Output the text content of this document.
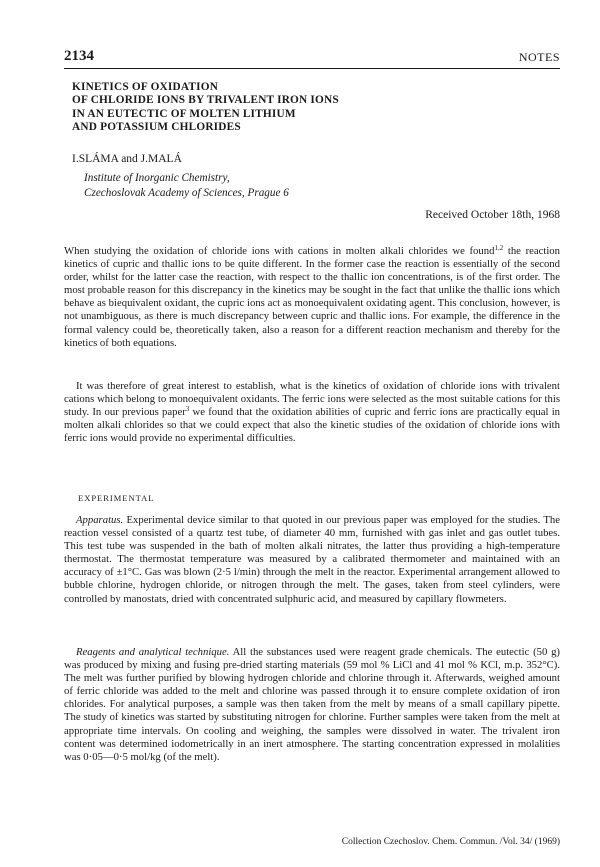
2134	NOTES
KINETICS OF OXIDATION
OF CHLORIDE IONS BY TRIVALENT IRON IONS
IN AN EUTECTIC OF MOLTEN LITHIUM
AND POTASSIUM CHLORIDES
I.SLÁMA and J.MALÁ
Institute of Inorganic Chemistry,
Czechoslovak Academy of Sciences, Prague 6
Received October 18th, 1968

When studying the oxidation of chloride ions with cations in molten alkali chlorides we found$^{1,2}$ the reaction kinetics of cupric and thallic ions to be quite different. In the former case the reaction is essentially of the second order, whilst for the latter case the reaction, with respect to the thallic ion concentrations, is of the first order. The most probable reason for this discrepancy in the kinetics may be sought in the fact that unlike the thallic ions which behave as biequivalent oxidant, the cupric ions act as monoequivalent oxidating agent. This conclusion, however, is not unambiguous, as there is much discrepancy between cupric and thallic ions. For example, the difference in the formal valency could be, theoretically taken, also a reason for a different reaction mechanism and thereby for the kinetics of both equations.

It was therefore of great interest to establish, what is the kinetics of oxidation of chloride ions with trivalent cations which belong to monoequivalent oxidants. The ferric ions were selected as the most suitable cations for this study. In our previous paper$^3$ we found that the oxidation abilities of cupric and ferric ions are practically equal in molten alkali chlorides so that we could expect that also the kinetic studies of the oxidation of chloride ions with ferric ions would provide no experimental difficulties.

EXPERIMENTAL

Apparatus. Experimental device similar to that quoted in our previous paper was employed for the studies. The reaction vessel consisted of a quartz test tube, of diameter 40 mm, furnished with gas inlet and gas outlet tubes. This test tube was suspended in the bath of molten alkali nitrates, the latter thus providing a high-temperature thermostat. The thermostat temperature was measured by a calibrated thermometer and maintained with an accuracy of ±1°C. Gas was blown (2·5 l/min) through the melt in the reactor. Experimental arrangement allowed to bubble chlorine, hydrogen chloride, or nitrogen through the melt. The gases, taken from steel cylinders, were controlled by manostats, dried with concentrated sulphuric acid, and measured by capillary flowmeters.

Reagents and analytical technique. All the substances used were reagent grade chemicals. The eutectic (50 g) was produced by mixing and fusing pre-dried starting materials (59 mol % LiCl and 41 mol % KCl, m.p. 352°C). The melt was further purified by blowing hydrogen chloride and chlorine through it. Afterwards, weighed amount of ferric chloride was added to the melt and chlorine was passed through it to ensure complete oxidation of iron chlorides. For analytical purposes, a sample was then taken from the melt by means of a small capillary pipette. The study of kinetics was started by substituting nitrogen for chlorine. Further samples were taken from the melt at appropriate time intervals. On cooling and weighing, the samples were dissolved in water. The trivalent iron content was determined iodometrically in an inert atmosphere. The starting concentration expressed in molalities was 0·05—0·5 mol/kg (of the melt).

Collection Czechoslov. Chem. Commun. /Vol. 34/ (1969)
